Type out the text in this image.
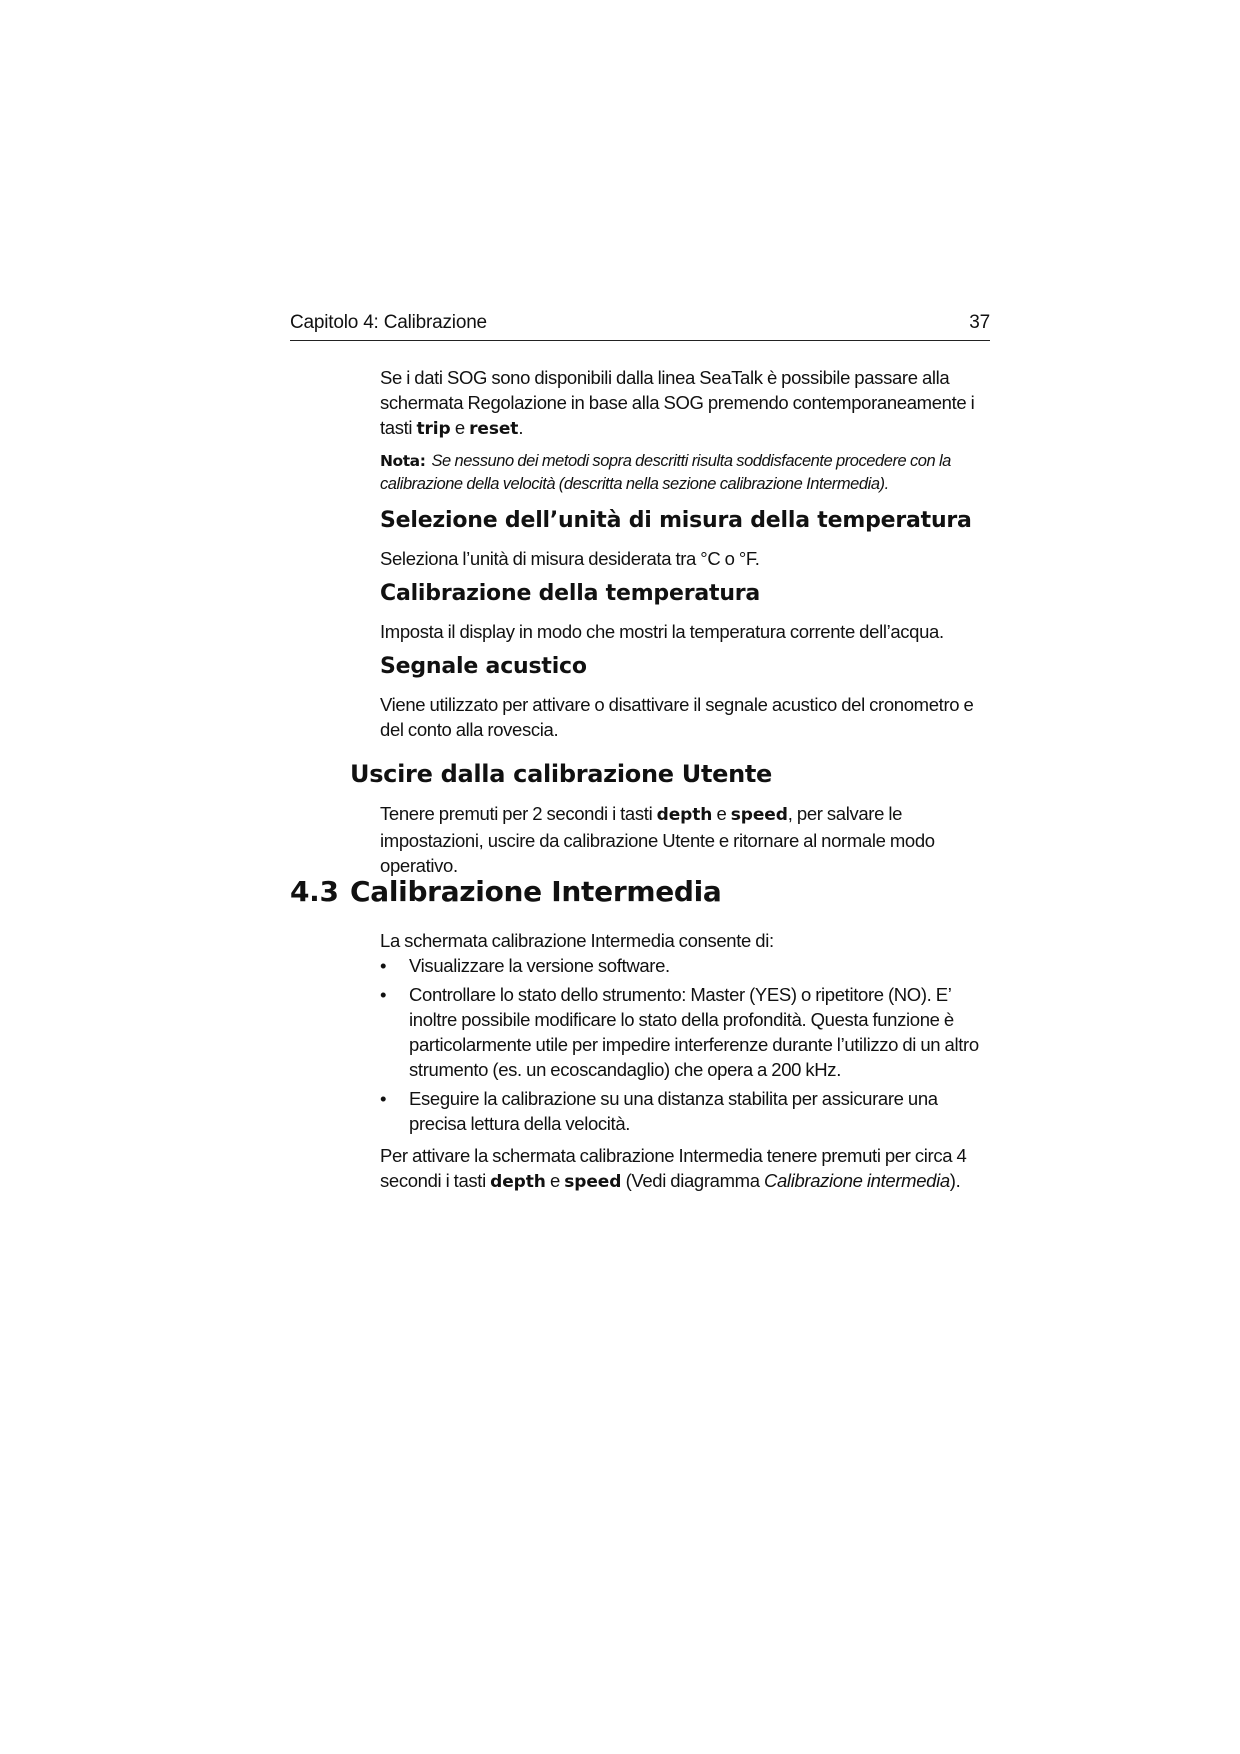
Capitolo 4: Calibrazione	37
Se i dati SOG sono disponibili dalla linea SeaTalk è possibile passare alla schermata Regolazione in base alla SOG premendo contemporaneamente i tasti trip e reset.
Nota: Se nessuno dei metodi sopra descritti risulta soddisfacente procedere con la calibrazione della velocità (descritta nella sezione calibrazione Intermedia).
Selezione dell’unità di misura della temperatura
Seleziona l’unità di misura desiderata tra °C o °F.
Calibrazione della temperatura
Imposta il display in modo che mostri la temperatura corrente dell’acqua.
Segnale acustico
Viene utilizzato per attivare o disattivare il segnale acustico del cronometro e del conto alla rovescia.
Uscire dalla calibrazione Utente
Tenere premuti per 2 secondi i tasti depth e speed, per salvare le impostazioni, uscire da calibrazione Utente e ritornare al normale modo operativo.
4.3 Calibrazione Intermedia
La schermata calibrazione Intermedia consente di:
• Visualizzare la versione software.
• Controllare lo stato dello strumento: Master (YES) o ripetitore (NO). E’ inoltre possibile modificare lo stato della profondità. Questa funzione è particolarmente utile per impedire interferenze durante l’utilizzo di un altro strumento (es. un ecoscandaglio) che opera a 200 kHz.
• Eseguire la calibrazione su una distanza stabilita per assicurare una precisa lettura della velocità.
Per attivare la schermata calibrazione Intermedia tenere premuti per circa 4 secondi i tasti depth e speed (Vedi diagramma Calibrazione intermedia).
